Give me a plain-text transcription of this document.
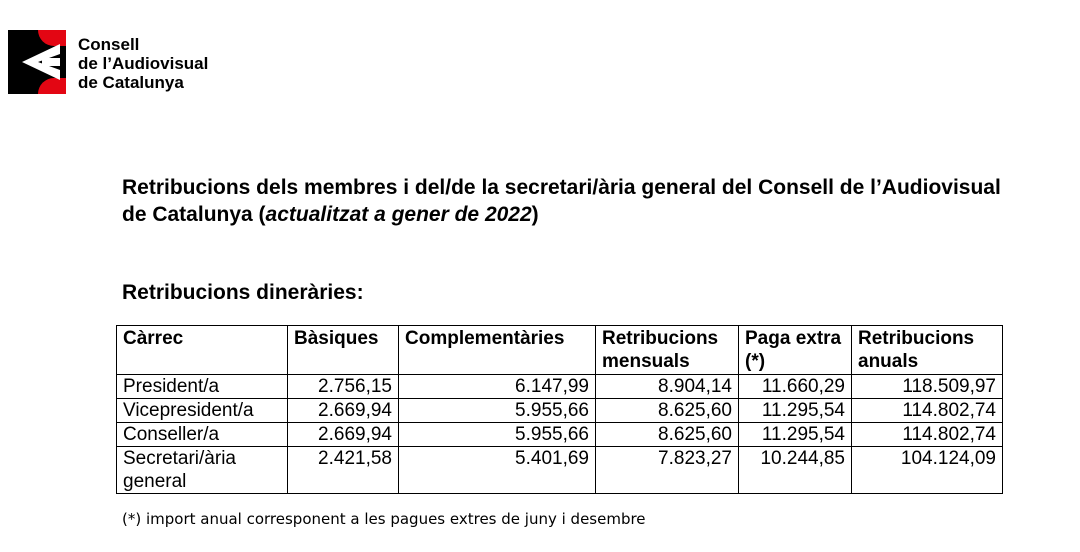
Consell
de l’Audiovisual
de Catalunya
Retribucions dels membres i del/de la secretari/ària general del Consell de l’Audiovisual de Catalunya (actualitzat a gener de 2022)
Retribucions dineràries:
Càrrec	Bàsiques	Complementàries	Retribucions mensuals	Paga extra (*)	Retribucions anuals
President/a	2.756,15	6.147,99	8.904,14	11.660,29	118.509,97
Vicepresident/a	2.669,94	5.955,66	8.625,60	11.295,54	114.802,74
Conseller/a	2.669,94	5.955,66	8.625,60	11.295,54	114.802,74
Secretari/ària general	2.421,58	5.401,69	7.823,27	10.244,85	104.124,09
(*) import anual corresponent a les pagues extres de juny i desembre
